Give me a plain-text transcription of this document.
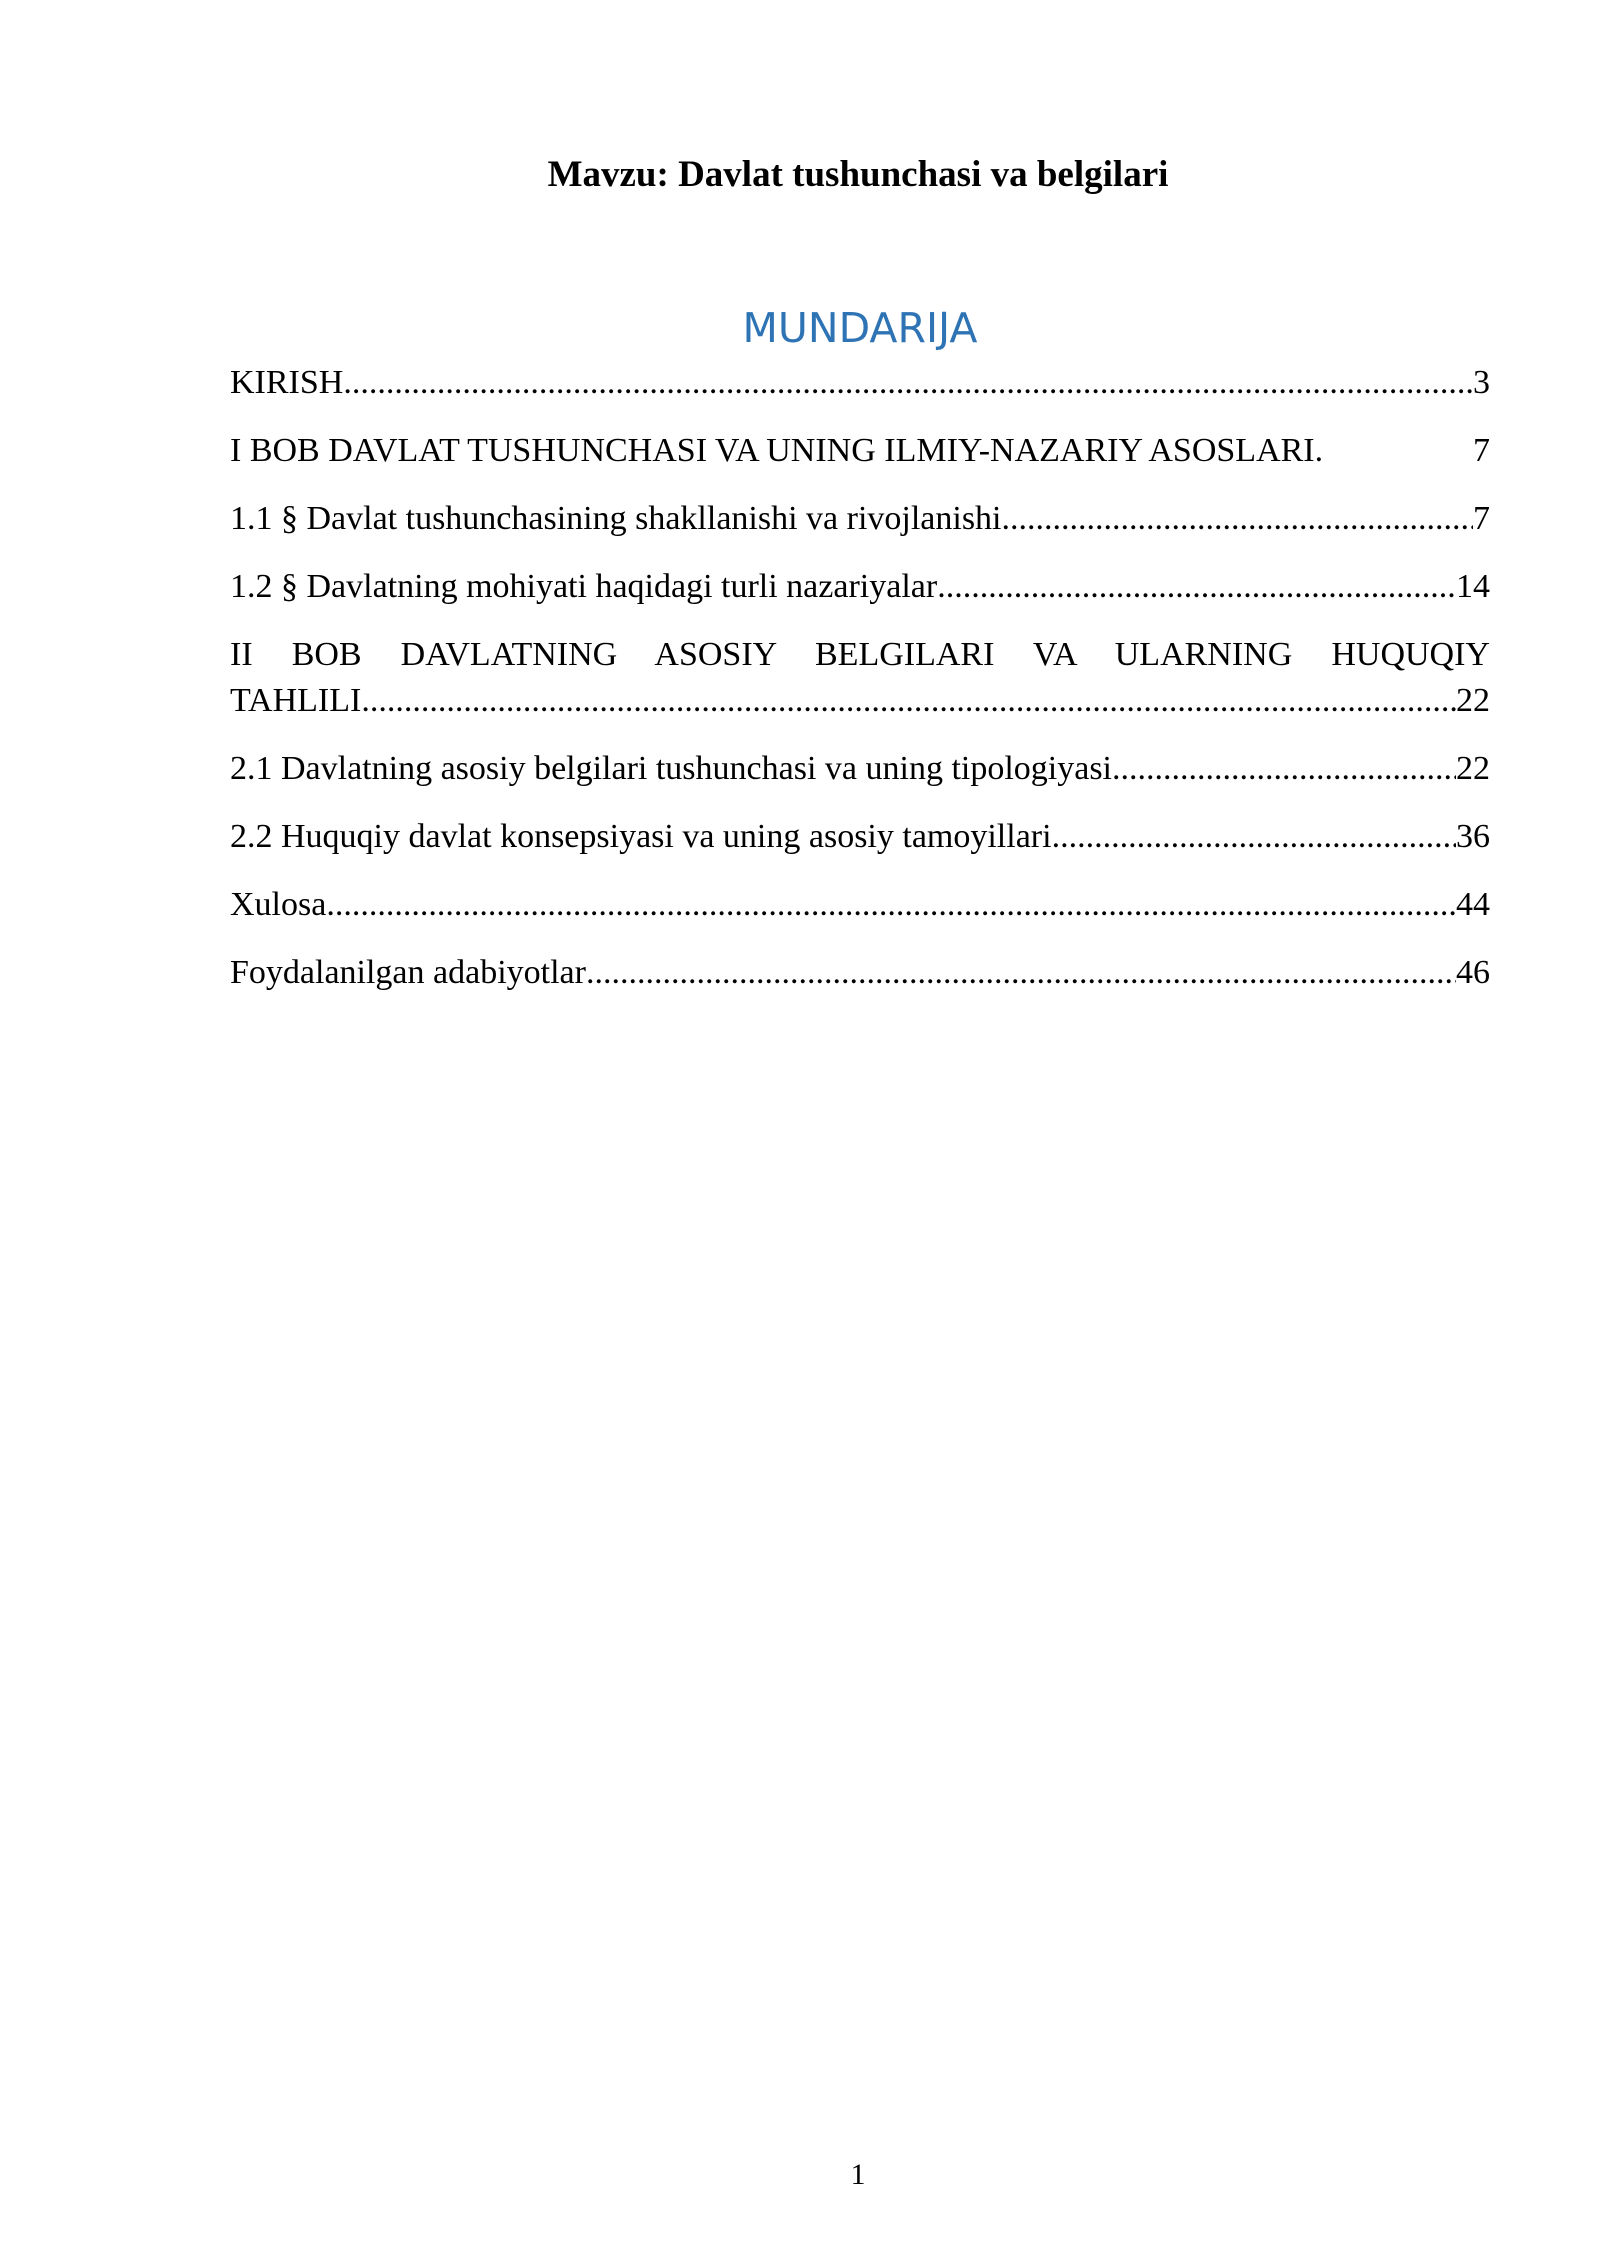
Mavzu: Davlat tushunchasi va belgilari
MUNDARIJA
KIRISH .....	3
I BOB DAVLAT TUSHUNCHASI VA UNING ILMIY-NAZARIY ASOSLARI.	7
1.1 § Davlat tushunchasining shakllanishi va rivojlanishi .....	7
1.2 § Davlatning mohiyati haqidagi turli nazariyalar .....	14
II BOB DAVLATNING ASOSIY BELGILARI VA ULARNING HUQUQIY
TAHLILI .....	22
2.1 Davlatning asosiy belgilari tushunchasi va uning tipologiyasi .....	22
2.2 Huquqiy davlat konsepsiyasi va uning asosiy tamoyillari .....	36
Xulosa .....	44
Foydalanilgan adabiyotlar .....	46
1
